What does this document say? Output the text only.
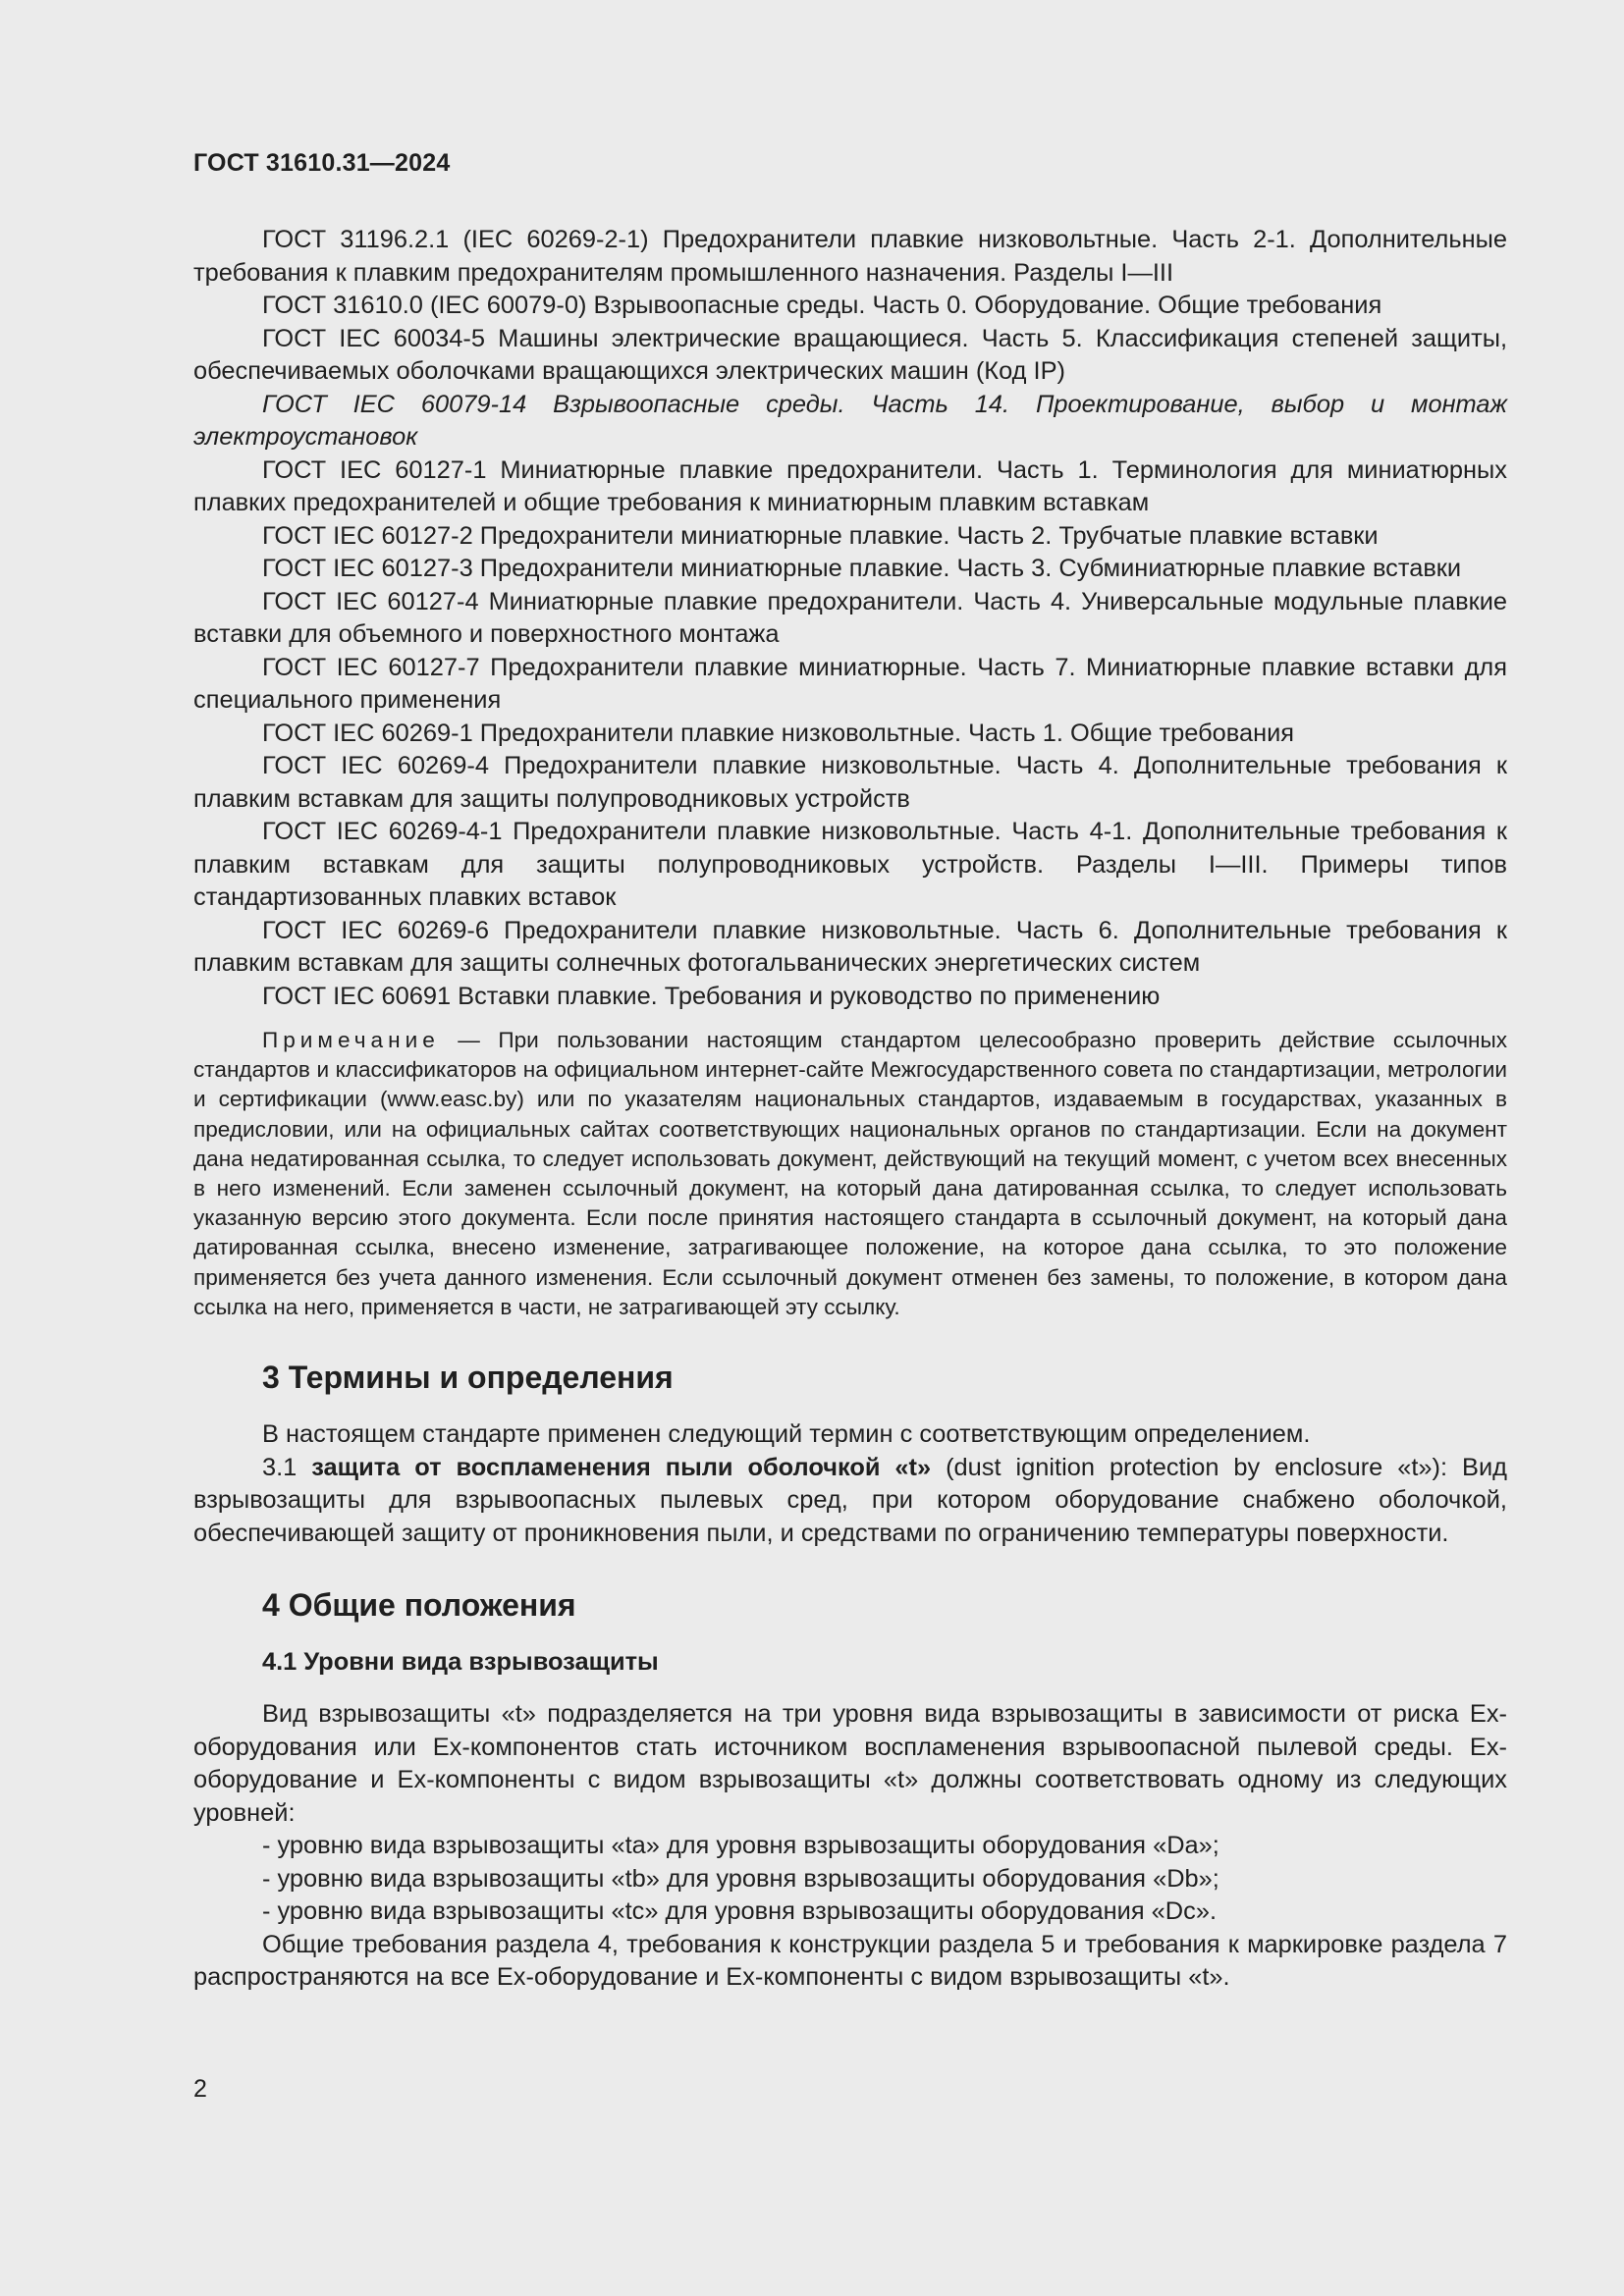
ГОСТ 31610.31—2024

ГОСТ 31196.2.1 (IEC 60269-2-1) Предохранители плавкие низковольтные. Часть 2-1. Дополнительные требования к плавким предохранителям промышленного назначения. Разделы I—III

ГОСТ 31610.0 (IEC 60079-0) Взрывоопасные среды. Часть 0. Оборудование. Общие требования

ГОСТ IEC 60034-5 Машины электрические вращающиеся. Часть 5. Классификация степеней защиты, обеспечиваемых оболочками вращающихся электрических машин (Код IP)

ГОСТ IEC 60079-14 Взрывоопасные среды. Часть 14. Проектирование, выбор и монтаж электроустановок

ГОСТ IEC 60127-1 Миниатюрные плавкие предохранители. Часть 1. Терминология для миниатюрных плавких предохранителей и общие требования к миниатюрным плавким вставкам

ГОСТ IEC 60127-2 Предохранители миниатюрные плавкие. Часть 2. Трубчатые плавкие вставки

ГОСТ IEC 60127-3 Предохранители миниатюрные плавкие. Часть 3. Субминиатюрные плавкие вставки

ГОСТ IEC 60127-4 Миниатюрные плавкие предохранители. Часть 4. Универсальные модульные плавкие вставки для объемного и поверхностного монтажа

ГОСТ IEC 60127-7 Предохранители плавкие миниатюрные. Часть 7. Миниатюрные плавкие вставки для специального применения

ГОСТ IEC 60269-1 Предохранители плавкие низковольтные. Часть 1. Общие требования

ГОСТ IEC 60269-4 Предохранители плавкие низковольтные. Часть 4. Дополнительные требования к плавким вставкам для защиты полупроводниковых устройств

ГОСТ IEC 60269-4-1 Предохранители плавкие низковольтные. Часть 4-1. Дополнительные требования к плавким вставкам для защиты полупроводниковых устройств. Разделы I—III. Примеры типов стандартизованных плавких вставок

ГОСТ IEC 60269-6 Предохранители плавкие низковольтные. Часть 6. Дополнительные требования к плавким вставкам для защиты солнечных фотогальванических энергетических систем

ГОСТ IEC 60691 Вставки плавкие. Требования и руководство по применению

Примечание — При пользовании настоящим стандартом целесообразно проверить действие ссылочных стандартов и классификаторов на официальном интернет-сайте Межгосударственного совета по стандартизации, метрологии и сертификации (www.easc.by) или по указателям национальных стандартов, издаваемым в государствах, указанных в предисловии, или на официальных сайтах соответствующих национальных органов по стандартизации. Если на документ дана недатированная ссылка, то следует использовать документ, действующий на текущий момент, с учетом всех внесенных в него изменений. Если заменен ссылочный документ, на который дана датированная ссылка, то следует использовать указанную версию этого документа. Если после принятия настоящего стандарта в ссылочный документ, на который дана датированная ссылка, внесено изменение, затрагивающее положение, на которое дана ссылка, то это положение применяется без учета данного изменения. Если ссылочный документ отменен без замены, то положение, в котором дана ссылка на него, применяется в части, не затрагивающей эту ссылку.

3 Термины и определения

В настоящем стандарте применен следующий термин с соответствующим определением.

3.1 защита от воспламенения пыли оболочкой «t» (dust ignition protection by enclosure «t»): Вид взрывозащиты для взрывоопасных пылевых сред, при котором оборудование снабжено оболочкой, обеспечивающей защиту от проникновения пыли, и средствами по ограничению температуры поверхности.

4 Общие положения
4.1 Уровни вида взрывозащиты

Вид взрывозащиты «t» подразделяется на три уровня вида взрывозащиты в зависимости от риска Ex-оборудования или Ex-компонентов стать источником воспламенения взрывоопасной пылевой среды. Ex-оборудование и Ex-компоненты с видом взрывозащиты «t» должны соответствовать одному из следующих уровней:

- уровню вида взрывозащиты «ta» для уровня взрывозащиты оборудования «Da»;
- уровню вида взрывозащиты «tb» для уровня взрывозащиты оборудования «Db»;
- уровню вида взрывозащиты «tc» для уровня взрывозащиты оборудования «Dc».

Общие требования раздела 4, требования к конструкции раздела 5 и требования к маркировке раздела 7 распространяются на все Ex-оборудование и Ex-компоненты с видом взрывозащиты «t».

2
